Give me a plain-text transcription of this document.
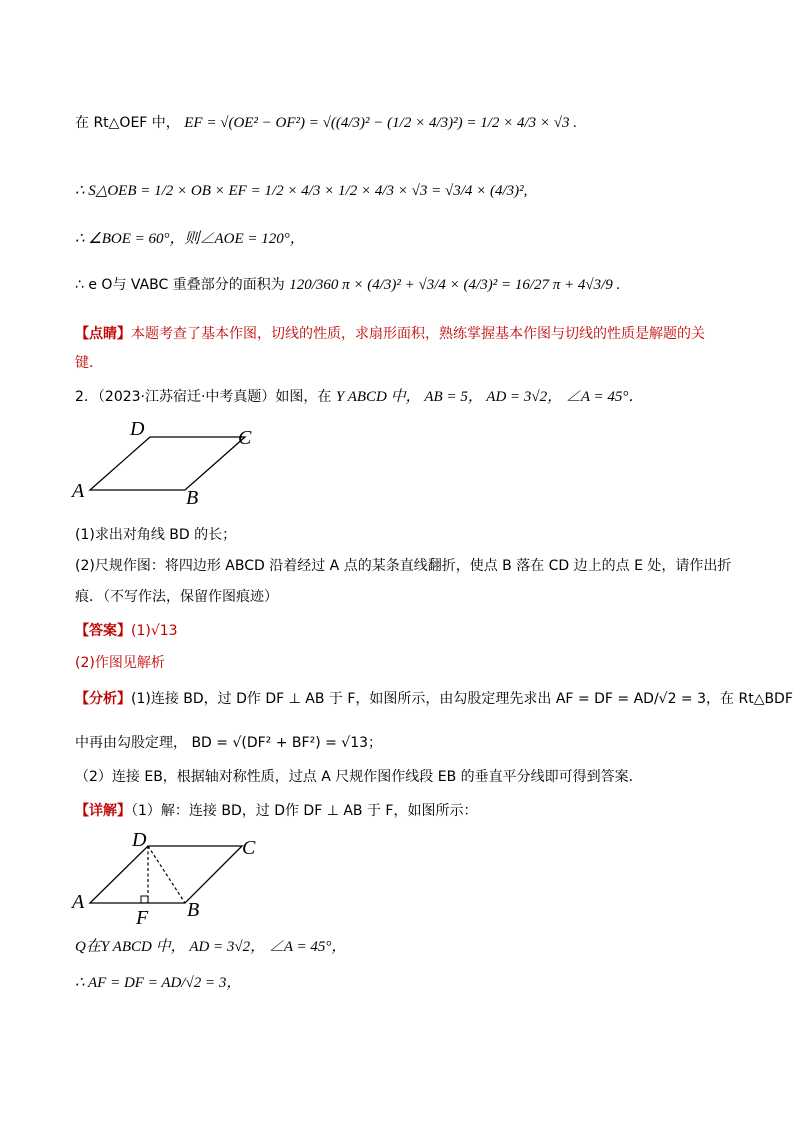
在 Rt△OEF 中， EF = √(OE² − OF²) = √((4/3)² − (1/2 × 4/3)²) = 1/2 × 4/3 × √3 .
∴ S△OEB = 1/2 × OB × EF = 1/2 × 4/3 × 1/2 × 4/3 × √3 = √3/4 × (4/3)²,
∴ ∠BOE = 60°，则∠AOE = 120°，
∴ e O与 VABC 重叠部分的面积为 120/360 π × (4/3)² + √3/4 × (4/3)² = 16/27 π + 4√3/9 .
【点睛】本题考查了基本作图，切线的性质，求扇形面积，熟练掌握基本作图与切线的性质是解题的关
键．
2．（2023·江苏宿迁·中考真题）如图，在 Y ABCD 中， AB = 5， AD = 3√2， ∠A = 45°．
A	B
C
D
(1)求出对角线 BD 的长；
(2)尺规作图：将四边形 ABCD 沿着经过 A 点的某条直线翻折，使点 B 落在 CD 边上的点 E 处，请作出折
痕．（不写作法，保留作图痕迹）
【答案】(1)√13
(2)作图见解析
【分析】(1)连接 BD，过 D作 DF ⊥ AB 于 F，如图所示，由勾股定理先求出 AF = DF = AD/√2 = 3，在 Rt△BDF
中再由勾股定理， BD = √(DF² + BF²) = √13；
（2）连接 EB，根据轴对称性质，过点 A 尺规作图作线段 EB 的垂直平分线即可得到答案．
【详解】（1）解：连接 BD，过 D作 DF ⊥ AB 于 F，如图所示：
A	B
C
D
F
Q在Y ABCD 中， AD = 3√2， ∠A = 45°，
∴ AF = DF = AD/√2 = 3，
